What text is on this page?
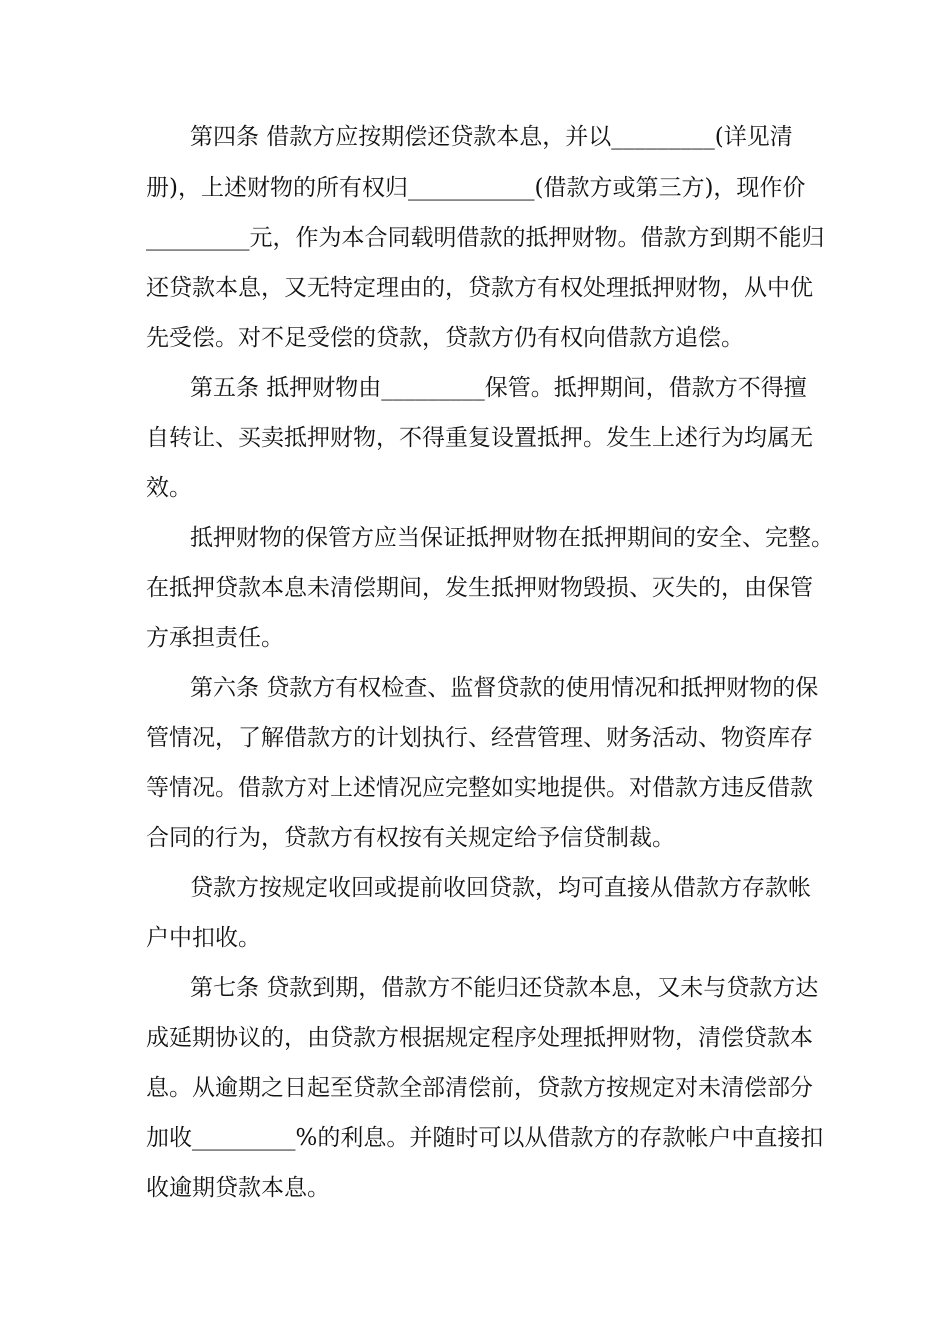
第四条 借款方应按期偿还贷款本息，并以_________(详见清
册)，上述财物的所有权归___________(借款方或第三方)，现作价
_________元，作为本合同载明借款的抵押财物。借款方到期不能归
还贷款本息，又无特定理由的，贷款方有权处理抵押财物，从中优
先受偿。对不足受偿的贷款，贷款方仍有权向借款方追偿。
第五条 抵押财物由_________保管。抵押期间，借款方不得擅
自转让、买卖抵押财物，不得重复设置抵押。发生上述行为均属无
效。
抵押财物的保管方应当保证抵押财物在抵押期间的安全、完整。
在抵押贷款本息未清偿期间，发生抵押财物毁损、灭失的，由保管
方承担责任。
第六条 贷款方有权检查、监督贷款的使用情况和抵押财物的保
管情况，了解借款方的计划执行、经营管理、财务活动、物资库存
等情况。借款方对上述情况应完整如实地提供。对借款方违反借款
合同的行为，贷款方有权按有关规定给予信贷制裁。
贷款方按规定收回或提前收回贷款，均可直接从借款方存款帐
户中扣收。
第七条 贷款到期，借款方不能归还贷款本息，又未与贷款方达
成延期协议的，由贷款方根据规定程序处理抵押财物，清偿贷款本
息。从逾期之日起至贷款全部清偿前，贷款方按规定对未清偿部分
加收_________%的利息。并随时可以从借款方的存款帐户中直接扣
收逾期贷款本息。
